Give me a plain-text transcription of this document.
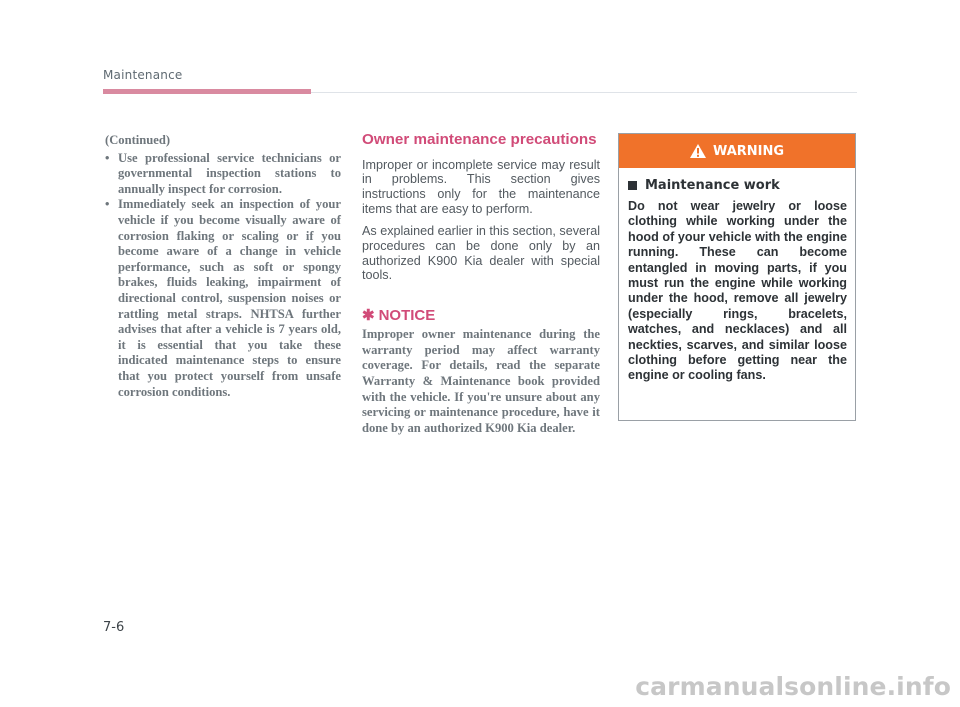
Maintenance
(Continued)
• Use professional service technicians or governmental inspection stations to annually inspect for corrosion.
• Immediately seek an inspection of your vehicle if you become visually aware of corrosion flaking or scaling or if you become aware of a change in vehicle performance, such as soft or spongy brakes, fluids leaking, impairment of directional control, suspension noises or rattling metal straps. NHTSA further advises that after a vehicle is 7 years old, it is essential that you take these indicated maintenance steps to ensure that you protect yourself from unsafe corrosion conditions.
Owner maintenance precautions

Improper or incomplete service may result in problems. This section gives instructions only for the maintenance items that are easy to perform.

As explained earlier in this section, several procedures can be done only by an authorized K900 Kia dealer with special tools.

✱ NOTICE

Improper owner maintenance during the warranty period may affect warranty coverage. For details, read the separate Warranty & Maintenance book provided with the vehicle. If you're unsure about any servicing or maintenance procedure, have it done by an authorized K900 Kia dealer.

WARNING
Maintenance work
Do not wear jewelry or loose clothing while working under the hood of your vehicle with the engine running. These can become entangled in moving parts, if you must run the engine while working under the hood, remove all jewelry (especially rings, bracelets, watches, and necklaces) and all neckties, scarves, and similar loose clothing before getting near the engine or cooling fans.
7-6
carmanualsonline.info
